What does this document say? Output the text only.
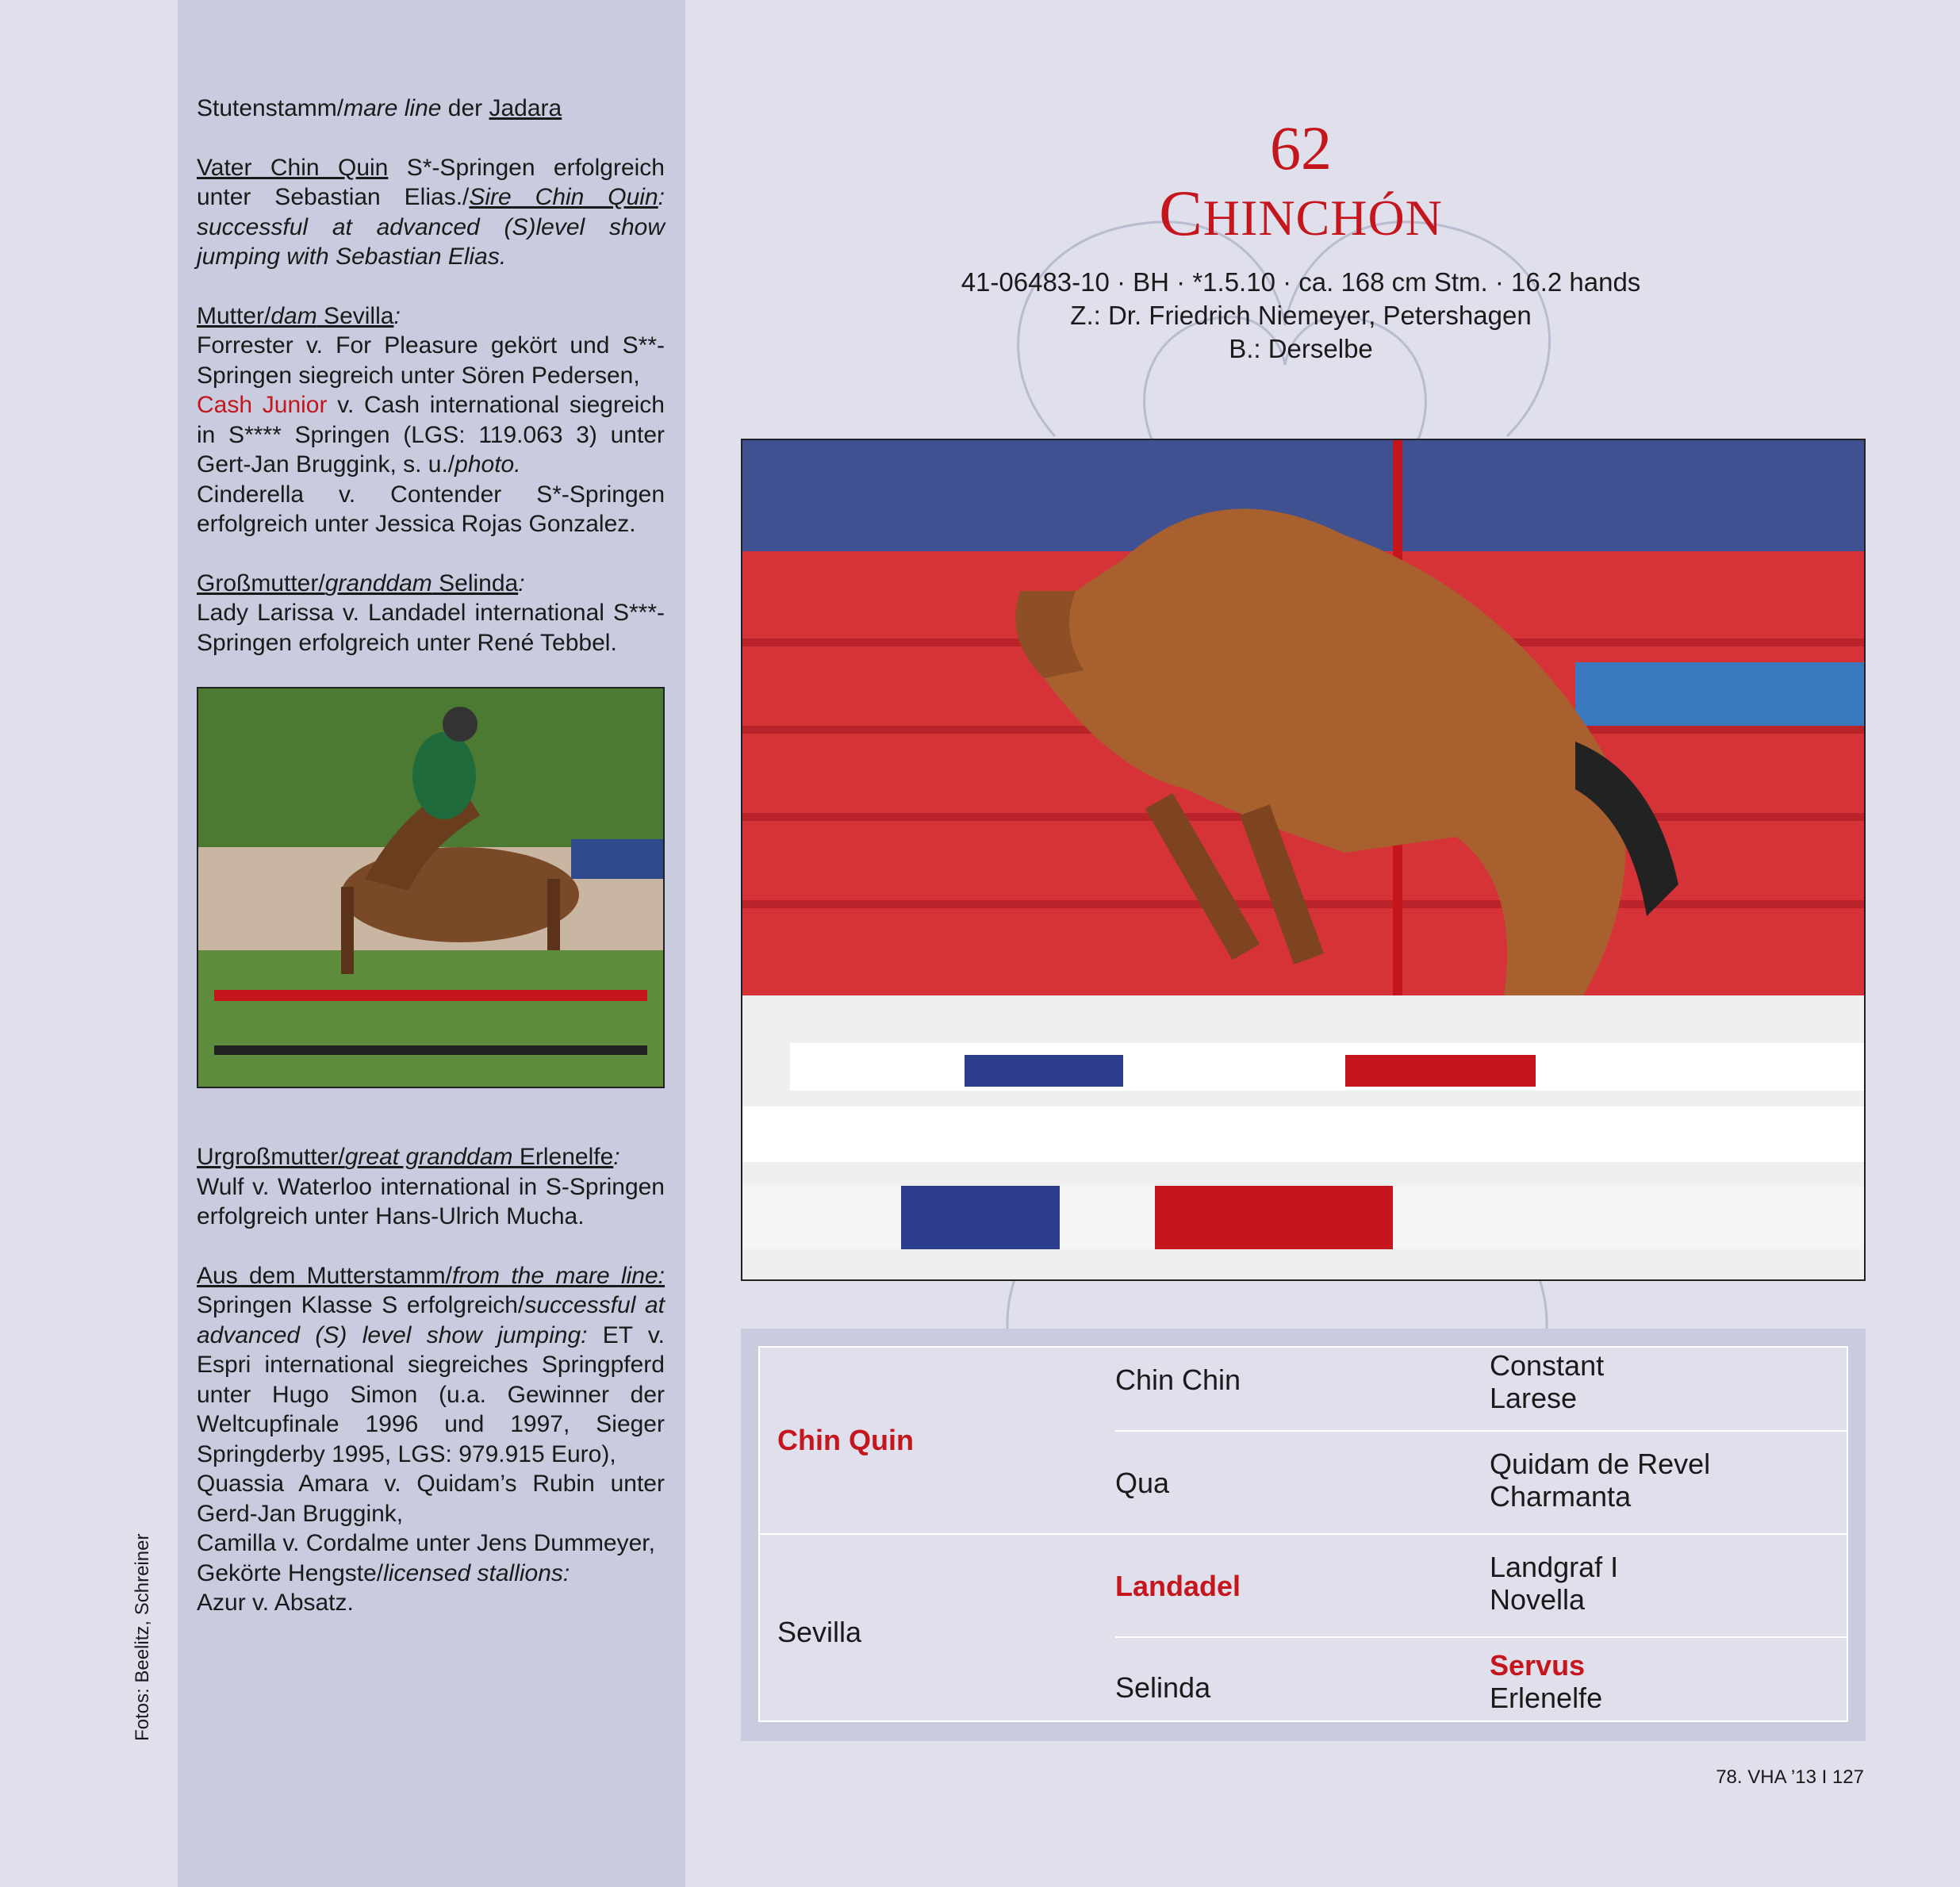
Stutenstamm/mare line der Jadara

Vater Chin Quin S*-Springen erfolgreich unter Sebastian Elias./Sire Chin Quin: successful at advanced (S)level show jumping with Sebastian Elias.

Mutter/dam Sevilla:
Forrester v. For Pleasure gekört und S**-Springen siegreich unter Sören Pedersen,
Cash Junior v. Cash international siegreich in S**** Springen (LGS: 119.063 3) unter Gert-Jan Bruggink, s. u./photo.
Cinderella v. Contender S*-Springen erfolgreich unter Jessica Rojas Gonzalez.

Großmutter/granddam Selinda:
Lady Larissa v. Landadel international S***-Springen erfolgreich unter René Tebbel.

Urgroßmutter/great granddam Erlenelfe:
Wulf v. Waterloo international in S-Springen erfolgreich unter Hans-Ulrich Mucha.

Aus dem Mutterstamm/from the mare line: Springen Klasse S erfolgreich/successful at advanced (S) level show jumping: ET v. Espri international siegreiches Springpferd unter Hugo Simon (u.a. Gewinner der Weltcupfinale 1996 und 1997, Sieger Springderby 1995, LGS: 979.915 Euro),
Quassia Amara v. Quidam’s Rubin unter Gerd-Jan Bruggink,
Camilla v. Cordalme unter Jens Dummeyer,
Gekörte Hengste/licensed stallions:
Azur v. Absatz.

Fotos: Beelitz, Schreiner
62
CHINCHÓN
41-06483-10 · BH · *1.5.10 · ca. 168 cm Stm. · 16.2 hands
Z.: Dr. Friedrich Niemeyer, Petershagen
B.: Derselbe
Chin Quin
Sevilla
Chin Chin
Qua
Landadel
Selinda
Constant
Larese
Quidam de Revel
Charmanta
Landgraf I
Novella
Servus
Erlenelfe
78. VHA ’13 I 127
